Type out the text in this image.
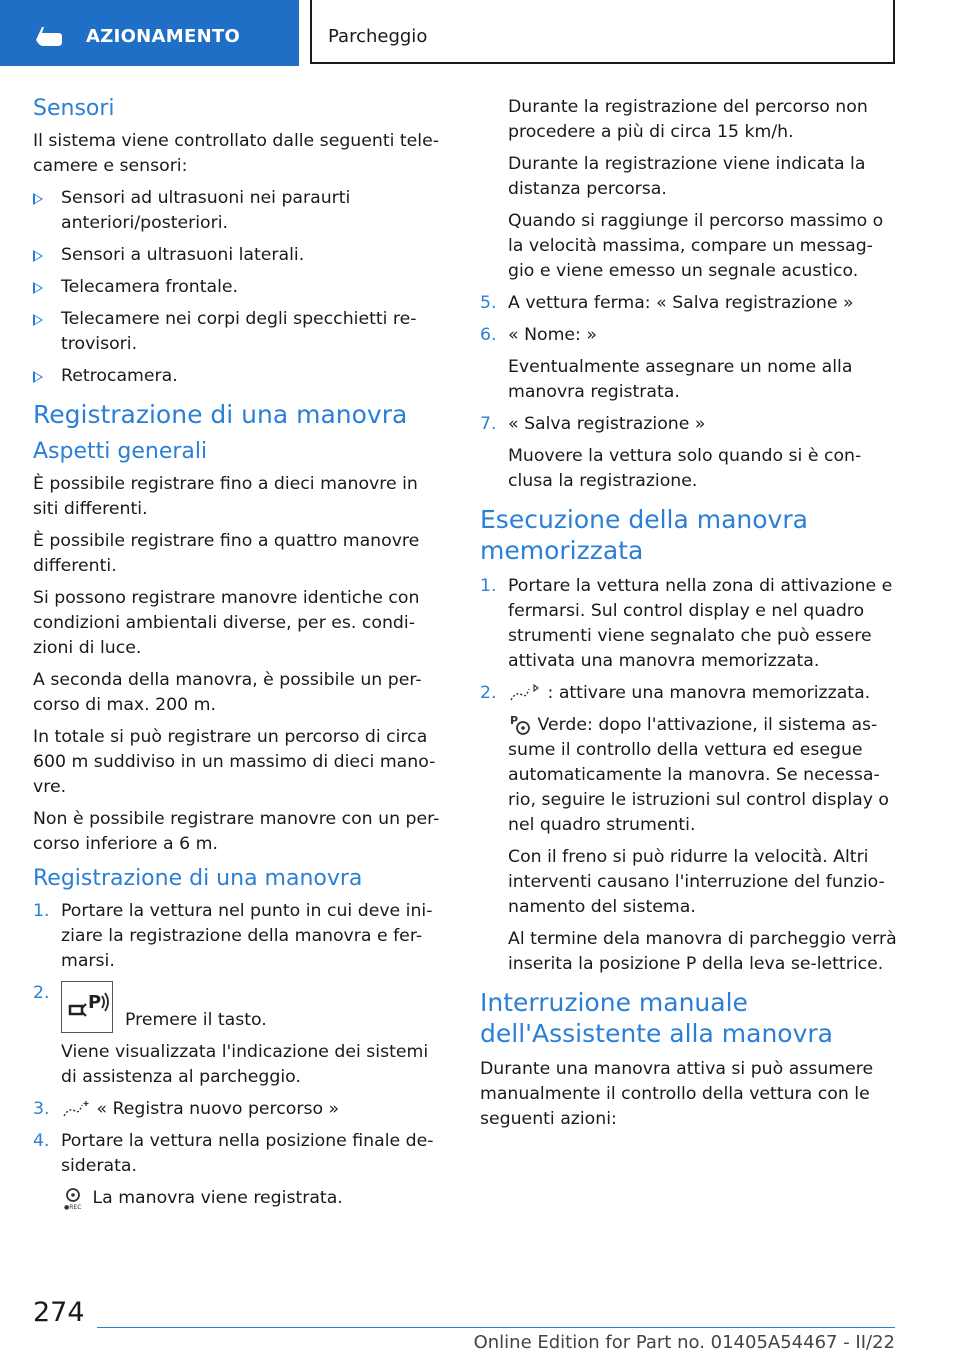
AZIONAMENTO	Parcheggio
Sensori

Il sistema viene controllato dalle seguenti tele-camere e sensori:

Sensori ad ultrasuoni nei paraurti anteriori/posteriori.
Sensori a ultrasuoni laterali.
Telecamera frontale.
Telecamere nei corpi degli specchietti re-trovisori.
Retrocamera.
Registrazione di una manovra
Aspetti generali

È possibile registrare fino a dieci manovre in siti differenti.

È possibile registrare fino a quattro manovre differenti.

Si possono registrare manovre identiche con condizioni ambientali diverse, per es. condi-zioni di luce.

A seconda della manovra, è possibile un per-corso di max. 200 m.

In totale si può registrare un percorso di circa 600 m suddiviso in un massimo di dieci mano-vre.

Non è possibile registrare manovre con un per-corso inferiore a 6 m.

Registrazione di una manovra
1. Portare la vettura nel punto in cui deve ini-ziare la registrazione della manovra e fer-marsi.
2. P
Premere il tasto.

Viene visualizzata l'indicazione dei sistemi di assistenza al parcheggio.

3.	« Registra nuovo percorso »
4. Portare la vettura nella posizione finale de-siderata.

●REC La manovra viene registrata.

Durante la registrazione del percorso non procedere a più di circa 15 km/h.

Durante la registrazione viene indicata la distanza percorsa.

Quando si raggiunge il percorso massimo o la velocità massima, compare un messag-gio e viene emesso un segnale acustico.

5. A vettura ferma: « Salva registrazione »
6. « Nome: »

Eventualmente assegnare un nome alla manovra registrata.

7. « Salva registrazione »

Muovere la vettura solo quando si è con-clusa la registrazione.

Esecuzione della manovra memorizzata
1. Portare la vettura nella zona di attivazione e fermarsi. Sul control display e nel quadro strumenti viene segnalato che può essere attivata una manovra memorizzata.
2.	: attivare una manovra memorizzata.

P Verde: dopo l'attivazione, il sistema as-sume il controllo della vettura ed esegue automaticamente la manovra. Se necessa-rio, seguire le istruzioni sul control display o nel quadro strumenti.

Con il freno si può ridurre la velocità. Altri interventi causano l'interruzione del funzio-namento del sistema.

Al termine dela manovra di parcheggio verrà inserita la posizione P della leva se-lettrice.

Interruzione manuale dell'Assistente alla manovra

Durante una manovra attiva si può assumere manualmente il controllo della vettura con le seguenti azioni:

274
Online Edition for Part no. 01405A54467 - II/22
